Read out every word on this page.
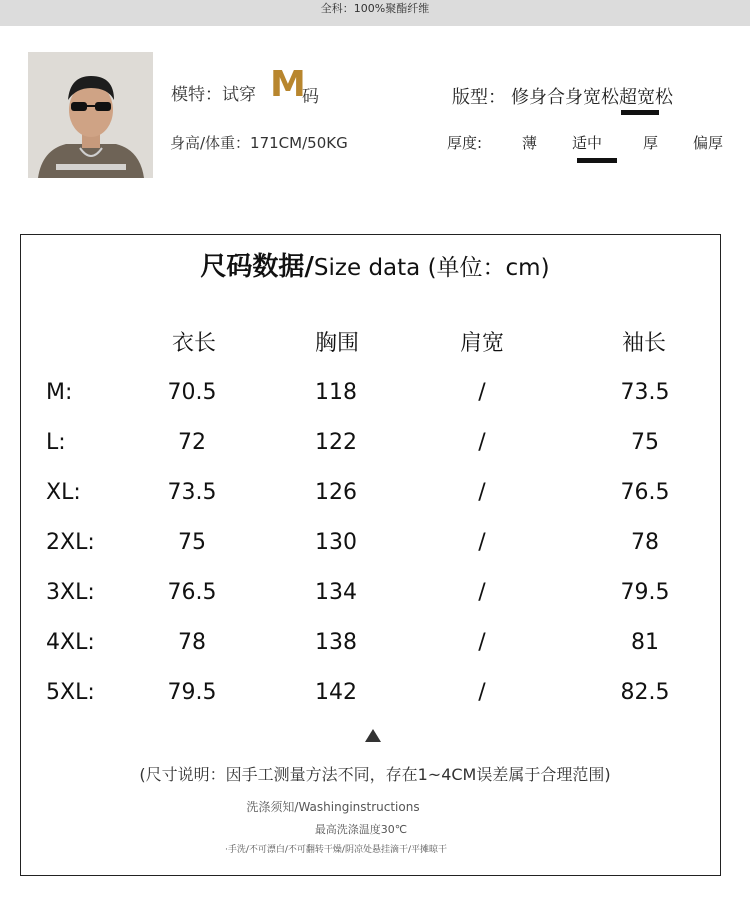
全科：100%聚酯纤维
模特：试穿 M
码
身高/体重：171CM/50KG
版型： 修身合身宽松超宽松
厚度:	薄 适中	厚 偏厚
尺码数据/Size data (单位：cm)
衣长	胸围	肩宽	袖长
M:	70.5	118	/	73.5
L:	72	122	/	75
XL:	73.5	126	/	76.5
2XL:	75	130	/	78
3XL:	76.5	134	/	79.5
4XL:	78	138	/	81
5XL:	79.5	142	/	82.5
(尺寸说明：因手工测量方法不同，存在1~4CM误差属于合理范围)
洗涤须知/Washinginstructions
最高洗涤温度30℃
·手洗/不可漂白/不可翻转干燥/阴凉处悬挂滴干/平摊晾干
